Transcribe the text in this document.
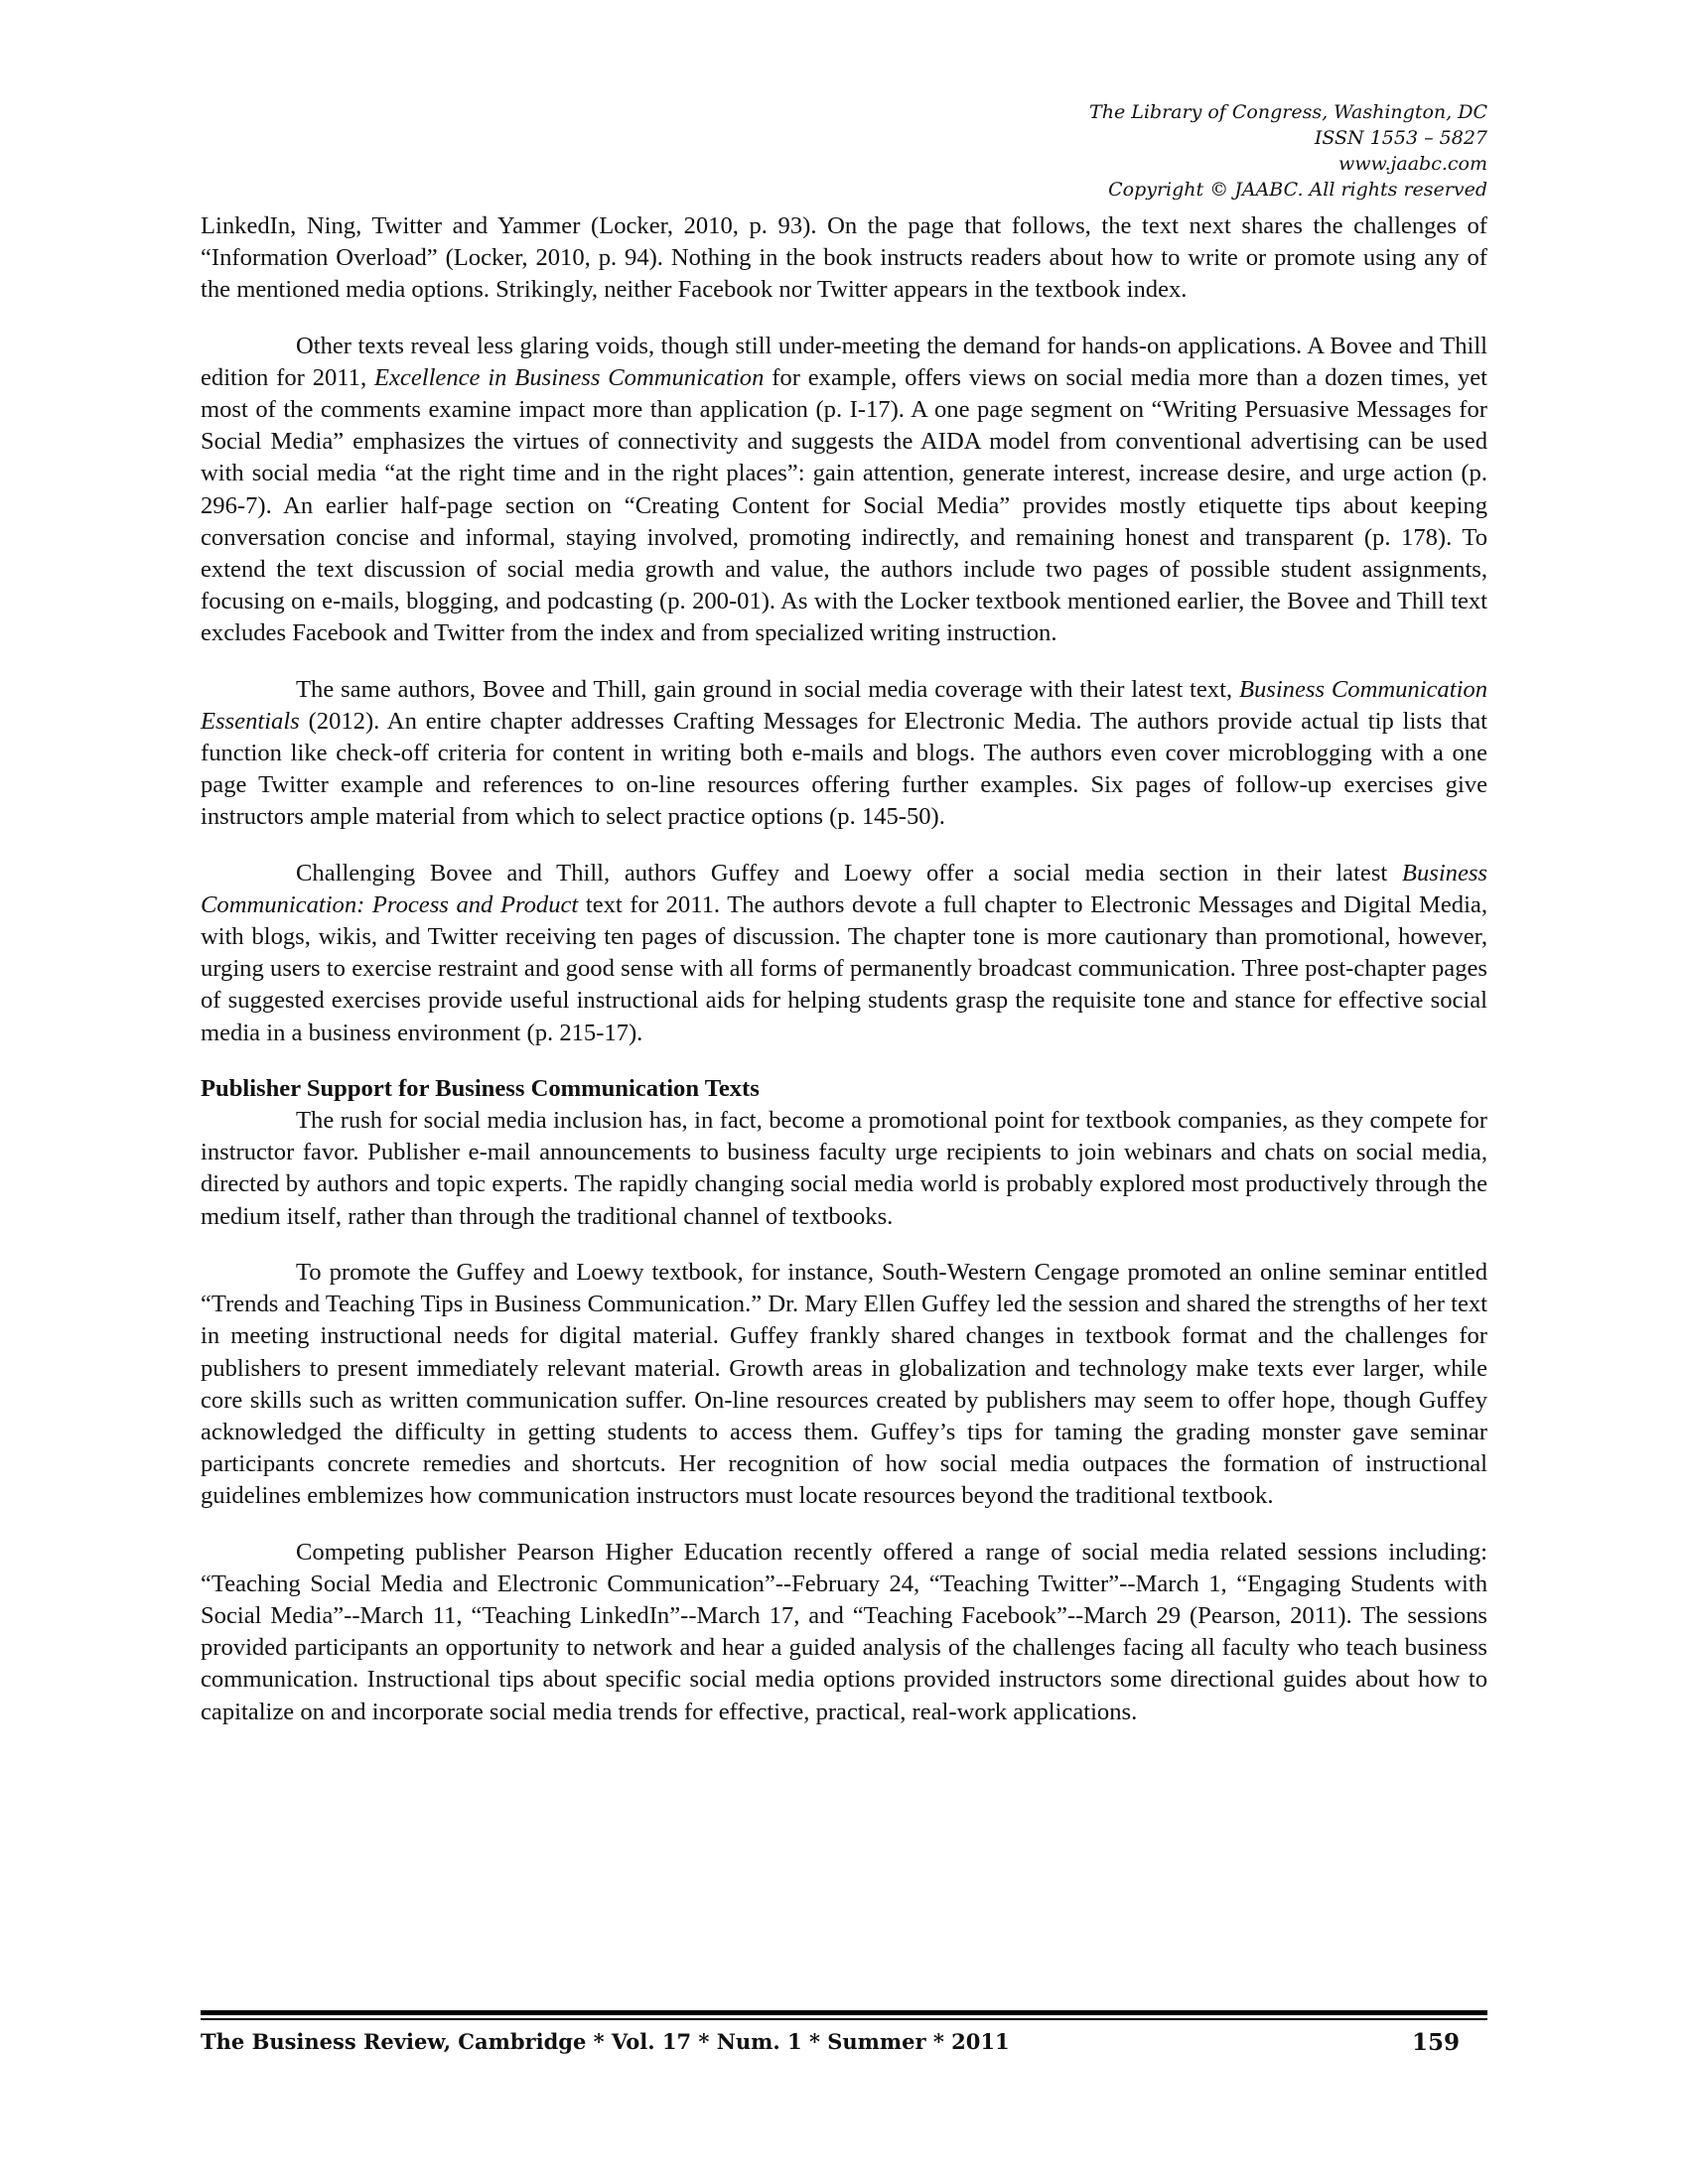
The Library of Congress, Washington, DC
ISSN 1553 – 5827
www.jaabc.com
Copyright © JAABC. All rights reserved

LinkedIn, Ning, Twitter and Yammer (Locker, 2010, p. 93). On the page that follows, the text next shares the challenges of “Information Overload” (Locker, 2010, p. 94). Nothing in the book instructs readers about how to write or promote using any of the mentioned media options. Strikingly, neither Facebook nor Twitter appears in the textbook index.

Other texts reveal less glaring voids, though still under-meeting the demand for hands-on applications. A Bovee and Thill edition for 2011, Excellence in Business Communication for example, offers views on social media more than a dozen times, yet most of the comments examine impact more than application (p. I-17). A one page segment on “Writing Persuasive Messages for Social Media” emphasizes the virtues of connectivity and suggests the AIDA model from conventional advertising can be used with social media “at the right time and in the right places”: gain attention, generate interest, increase desire, and urge action (p. 296-7). An earlier half-page section on “Creating Content for Social Media” provides mostly etiquette tips about keeping conversation concise and informal, staying involved, promoting indirectly, and remaining honest and transparent (p. 178). To extend the text discussion of social media growth and value, the authors include two pages of possible student assignments, focusing on e-mails, blogging, and podcasting (p. 200-01). As with the Locker textbook mentioned earlier, the Bovee and Thill text excludes Facebook and Twitter from the index and from specialized writing instruction.

The same authors, Bovee and Thill, gain ground in social media coverage with their latest text, Business Communication Essentials (2012). An entire chapter addresses Crafting Messages for Electronic Media. The authors provide actual tip lists that function like check-off criteria for content in writing both e-mails and blogs. The authors even cover microblogging with a one page Twitter example and references to on-line resources offering further examples. Six pages of follow-up exercises give instructors ample material from which to select practice options (p. 145-50).

Challenging Bovee and Thill, authors Guffey and Loewy offer a social media section in their latest Business Communication: Process and Product text for 2011. The authors devote a full chapter to Electronic Messages and Digital Media, with blogs, wikis, and Twitter receiving ten pages of discussion. The chapter tone is more cautionary than promotional, however, urging users to exercise restraint and good sense with all forms of permanently broadcast communication. Three post-chapter pages of suggested exercises provide useful instructional aids for helping students grasp the requisite tone and stance for effective social media in a business environment (p. 215-17).

Publisher Support for Business Communication Texts

The rush for social media inclusion has, in fact, become a promotional point for textbook companies, as they compete for instructor favor. Publisher e-mail announcements to business faculty urge recipients to join webinars and chats on social media, directed by authors and topic experts. The rapidly changing social media world is probably explored most productively through the medium itself, rather than through the traditional channel of textbooks.

To promote the Guffey and Loewy textbook, for instance, South-Western Cengage promoted an online seminar entitled “Trends and Teaching Tips in Business Communication.” Dr. Mary Ellen Guffey led the session and shared the strengths of her text in meeting instructional needs for digital material. Guffey frankly shared changes in textbook format and the challenges for publishers to present immediately relevant material. Growth areas in globalization and technology make texts ever larger, while core skills such as written communication suffer. On-line resources created by publishers may seem to offer hope, though Guffey acknowledged the difficulty in getting students to access them. Guffey’s tips for taming the grading monster gave seminar participants concrete remedies and shortcuts. Her recognition of how social media outpaces the formation of instructional guidelines emblemizes how communication instructors must locate resources beyond the traditional textbook.

Competing publisher Pearson Higher Education recently offered a range of social media related sessions including: “Teaching Social Media and Electronic Communication”--February 24, “Teaching Twitter”--March 1, “Engaging Students with Social Media”--March 11, “Teaching LinkedIn”--March 17, and “Teaching Facebook”--March 29 (Pearson, 2011). The sessions provided participants an opportunity to network and hear a guided analysis of the challenges facing all faculty who teach business communication. Instructional tips about specific social media options provided instructors some directional guides about how to capitalize on and incorporate social media trends for effective, practical, real-work applications.

The Business Review, Cambridge * Vol. 17 * Num. 1 * Summer * 2011	159
